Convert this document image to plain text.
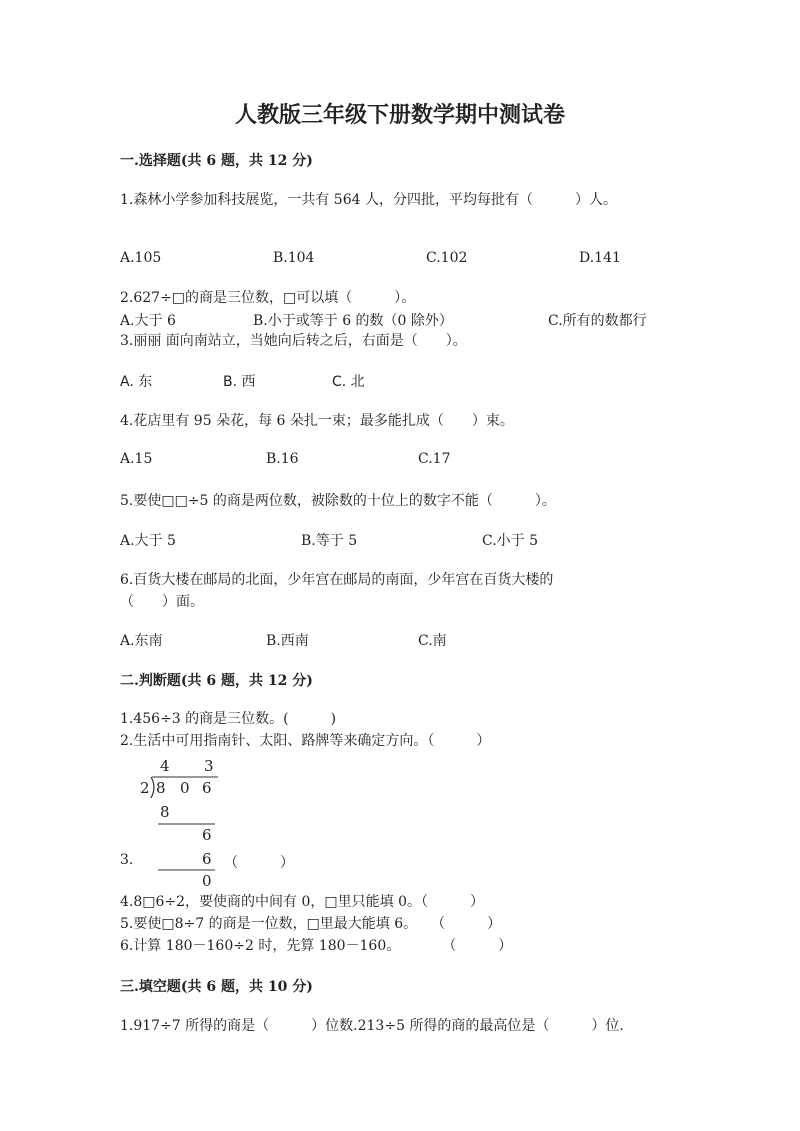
人教版三年级下册数学期中测试卷
一.选择题(共 6 题，共 12 分)
1.森林小学参加科技展览，一共有 564 人，分四批，平均每批有（　　　）人。
A.105	B.104	C.102	D.141
2.627÷□的商是三位数，□可以填（　　　）。
A.大于 6	B.小于或等于 6 的数（0 除外）	C.所有的数都行
3.丽丽 面向南站立，当她向后转之后，右面是（　　）。
A. 东	B. 西	C. 北
4.花店里有 95 朵花，每 6 朵扎一束；最多能扎成（　　）束。
A.15	B.16	C.17
5.要使□□÷5 的商是两位数，被除数的十位上的数字不能（　　　）。
A.大于 5	B.等于 5	C.小于 5
6.百货大楼在邮局的北面，少年宫在邮局的南面，少年宫在百货大楼的
（　　）面。
A.东南	B.西南	C.南
二.判断题(共 6 题，共 12 分)
1.456÷3 的商是三位数。(　　　)
2.生活中可用指南针、太阳、路牌等来确定方向。（　　　）
4 3
2 8 0 6
8
6
6
0
3.	（　　　）
4.8□6÷2，要使商的中间有 0，□里只能填 0。（　　　）
5.要使□8÷7 的商是一位数，□里最大能填 6。　　（　　　）
6.计算 180－160÷2 时，先算 180－160。　　　　（　　　）
三.填空题(共 6 题，共 10 分)
1.917÷7 所得的商是（　　　）位数.213÷5 所得的商的最高位是（　　　）位.
